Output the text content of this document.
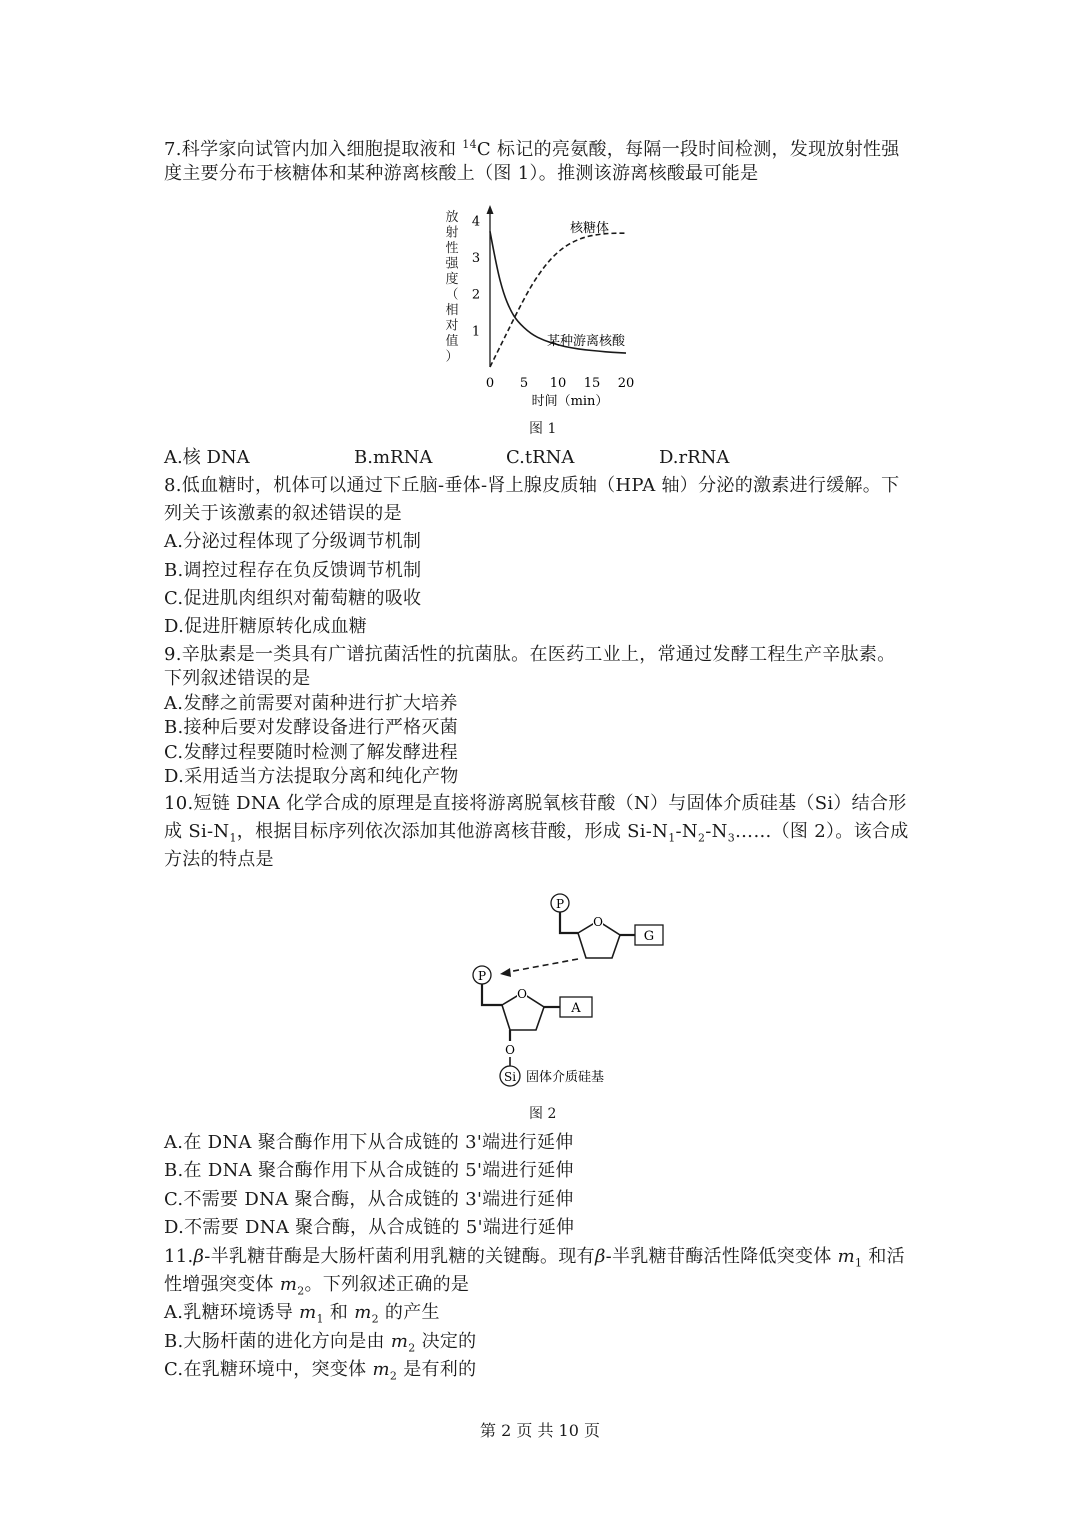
7.科学家向试管内加入细胞提取液和 $^{14}$C 标记的亮氨酸，每隔一段时间检测，发现放射性强
度主要分布于核糖体和某种游离核酸上（图 1）。推测该游离核酸最可能是
放
射
性
强
度
（
相
对
值
）
1
2
3
4
0 5 10 15 20
核糖体
某种游离核酸
时间（min）
图 1
A.核 DNA	B.mRNA	C.tRNA	D.rRNA
8.低血糖时，机体可以通过下丘脑-垂体-肾上腺皮质轴（HPA 轴）分泌的激素进行缓解。下
列关于该激素的叙述错误的是
A.分泌过程体现了分级调节机制
B.调控过程存在负反馈调节机制
C.促进肌肉组织对葡萄糖的吸收
D.促进肝糖原转化成血糖
9.辛肽素是一类具有广谱抗菌活性的抗菌肽。在医药工业上，常通过发酵工程生产辛肽素。
下列叙述错误的是
A.发酵之前需要对菌种进行扩大培养
B.接种后要对发酵设备进行严格灭菌
C.发酵过程要随时检测了解发酵进程
D.采用适当方法提取分离和纯化产物
10.短链 DNA 化学合成的原理是直接将游离脱氧核苷酸（N）与固体介质硅基（Si）结合形
成 $Si-N_1$，根据目标序列依次添加其他游离核苷酸，形成 $Si-N_1-N_2-N_3\dots\dots$（图 2）。该合成
方法的特点是
P
O
G
P
O
A
O
Si 固体介质硅基
图 2
A.在 DNA 聚合酶作用下从合成链的 3'端进行延伸
B.在 DNA 聚合酶作用下从合成链的 5'端进行延伸
C.不需要 DNA 聚合酶，从合成链的 3'端进行延伸
D.不需要 DNA 聚合酶，从合成链的 5'端进行延伸
11.β-半乳糖苷酶是大肠杆菌利用乳糖的关键酶。现有β-半乳糖苷酶活性降低突变体 $m_1$ 和活
性增强突变体 $m_2$。下列叙述正确的是
A.乳糖环境诱导 $m_1$ 和 $m_2$ 的产生
B.大肠杆菌的进化方向是由 $m_2$ 决定的
C.在乳糖环境中，突变体 $m_2$ 是有利的
第 2 页 共 10 页
